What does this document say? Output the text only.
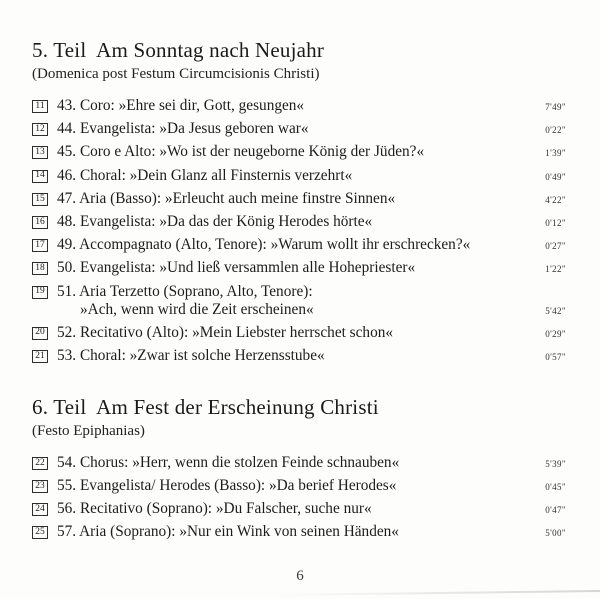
5. Teil  Am Sonntag nach Neujahr
(Domenica post Festum Circumcisionis Christi)
11 43. Coro: »Ehre sei dir, Gott, gesungen«	7'49"
12 44. Evangelista: »Da Jesus geboren war«	0'22"
13 45. Coro e Alto: »Wo ist der neugeborne König der Jüden?«	1'39"
14 46. Choral: »Dein Glanz all Finsternis verzehrt«	0'49"
15 47. Aria (Basso): »Erleucht auch meine finstre Sinnen«	4'22"
16 48. Evangelista: »Da das der König Herodes hörte«	0'12"
17 49. Accompagnato (Alto, Tenore): »Warum wollt ihr erschrecken?«	0'27"
18 50. Evangelista: »Und ließ versammlen alle Hohepriester«	1'22"
19 51. Aria Terzetto (Soprano, Alto, Tenore):
»Ach, wenn wird die Zeit erscheinen«	5'42"
20 52. Recitativo (Alto): »Mein Liebster herrschet schon«	0'29"
21 53. Choral: »Zwar ist solche Herzensstube«	0'57"
6. Teil  Am Fest der Erscheinung Christi
(Festo Epiphanias)
22 54. Chorus: »Herr, wenn die stolzen Feinde schnauben«	5'39"
23 55. Evangelista/ Herodes (Basso): »Da berief Herodes«	0'45"
24 56. Recitativo (Soprano): »Du Falscher, suche nur«	0'47"
25 57. Aria (Soprano): »Nur ein Wink von seinen Händen«	5'00"
6
